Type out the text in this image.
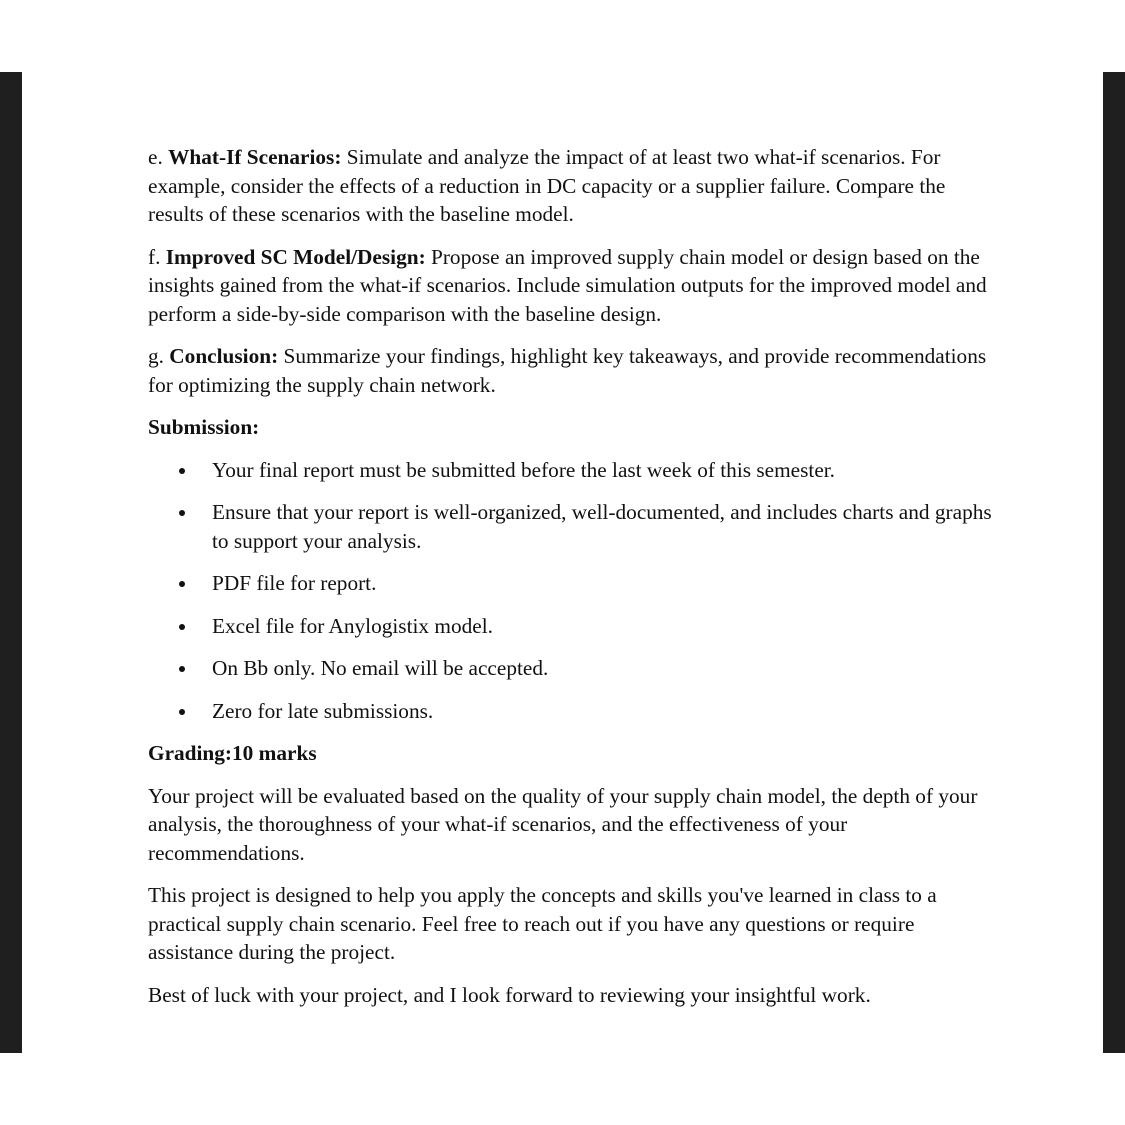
e. What-If Scenarios: Simulate and analyze the impact of at least two what-if scenarios. For example, consider the effects of a reduction in DC capacity or a supplier failure. Compare the results of these scenarios with the baseline model.

f. Improved SC Model/Design: Propose an improved supply chain model or design based on the insights gained from the what-if scenarios. Include simulation outputs for the improved model and perform a side-by-side comparison with the baseline design.

g. Conclusion: Summarize your findings, highlight key takeaways, and provide recommendations for optimizing the supply chain network.

Submission:
Your final report must be submitted before the last week of this semester.
Ensure that your report is well-organized, well-documented, and includes charts and graphs to support your analysis.
PDF file for report.
Excel file for Anylogistix model.
On Bb only. No email will be accepted.
Zero for late submissions.
Grading:10 marks

Your project will be evaluated based on the quality of your supply chain model, the depth of your analysis, the thoroughness of your what-if scenarios, and the effectiveness of your recommendations.

This project is designed to help you apply the concepts and skills you've learned in class to a practical supply chain scenario. Feel free to reach out if you have any questions or require assistance during the project.

Best of luck with your project, and I look forward to reviewing your insightful work.
